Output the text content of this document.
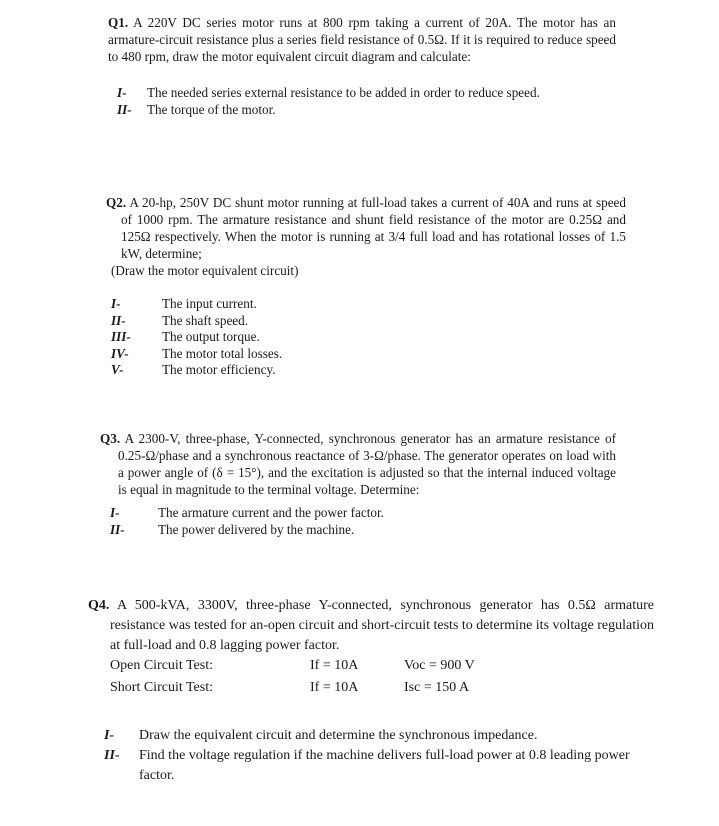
Q1. A 220V DC series motor runs at 800 rpm taking a current of 20A. The motor has an armature-circuit resistance plus a series field resistance of 0.5Ω. If it is required to reduce speed to 480 rpm, draw the motor equivalent circuit diagram and calculate:

I-	The needed series external resistance to be added in order to reduce speed.
II-	The torque of the motor.

Q2. A 20-hp, 250V DC shunt motor running at full-load takes a current of 40A and runs at speed of 1000 rpm. The armature resistance and shunt field resistance of the motor are 0.25Ω and 125Ω respectively. When the motor is running at 3/4 full load and has rotational losses of 1.5 kW, determine;

(Draw the motor equivalent circuit)

I-	The input current.
II-	The shaft speed.
III-	The output torque.
IV-	The motor total losses.
V-	The motor efficiency.

Q3. A 2300-V, three-phase, Y-connected, synchronous generator has an armature resistance of 0.25-Ω/phase and a synchronous reactance of 3-Ω/phase. The generator operates on load with a power angle of (δ = 15°), and the excitation is adjusted so that the internal induced voltage is equal in magnitude to the terminal voltage. Determine:

I-	The armature current and the power factor.
II-	The power delivered by the machine.

Q4. A 500-kVA, 3300V, three-phase Y-connected, synchronous generator has 0.5Ω armature resistance was tested for an-open circuit and short-circuit tests to determine its voltage regulation at full-load and 0.8 lagging power factor.

Open Circuit Test:	If = 10A	Voc = 900 V
Short Circuit Test:	If = 10A	Isc = 150 A
I-	Draw the equivalent circuit and determine the synchronous impedance.
II-	Find the voltage regulation if the machine delivers full-load power at 0.8 leading power factor.
